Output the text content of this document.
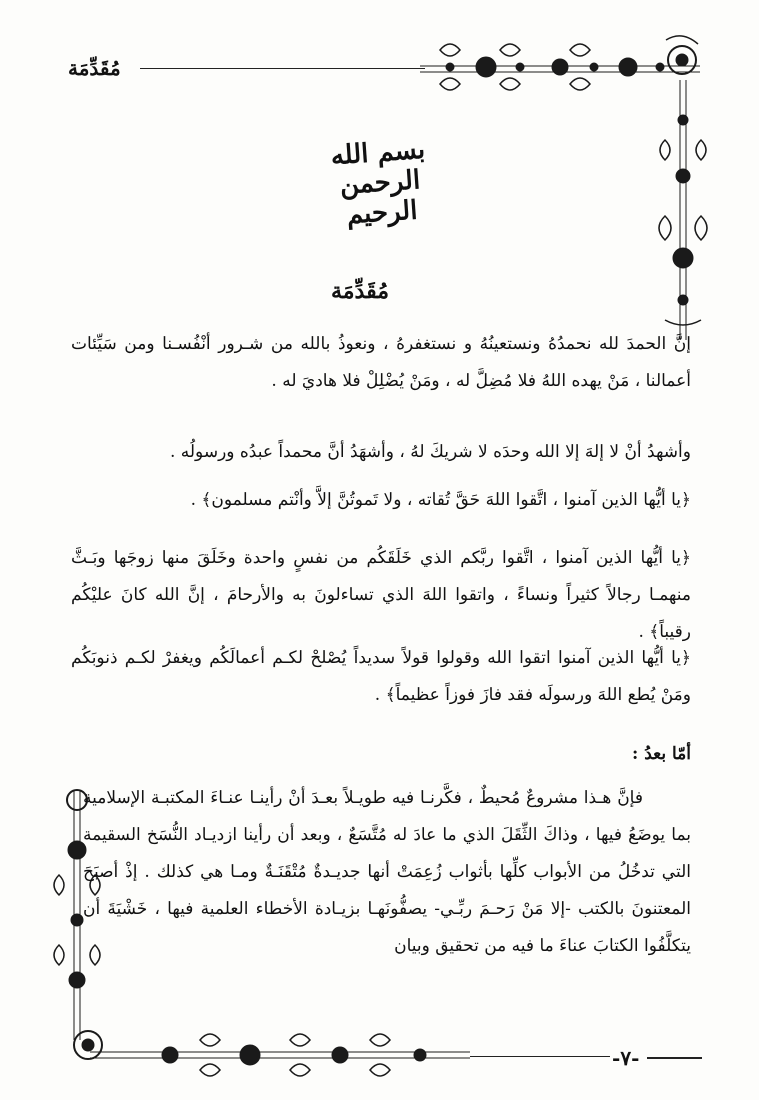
مُقَدِّمَة
بسم الله الرحمن الرحيم
مُقَدِّمَة
إنَّ الحمدَ لله نحمدُهُ ونستعينُهُ و نستغفرهُ ، ونعوذُ بالله من شـرور أنْفُسـنا ومن سَيِّئات أعمالنا ، مَنْ يهده اللهُ فلا مُضِلَّ له ، ومَنْ يُضْلِلْ فلا هاديَ له .
وأشهدُ أنْ لا إلهَ إلا الله وحدَه لا شريكَ لهُ ، وأشهَدُ أنَّ محمداً عبدُه ورسولُه .
﴿يا أيُّها الذين آمنوا ، اتَّقوا اللهَ حَقَّ تُقاته ، ولا تَموتُنَّ إلاَّ وأنْتم مسلمون﴾ .
﴿يا أيُّها الذين آمنوا ، اتَّقوا ربَّكم الذي خَلَقَكُم من نفسٍ واحدة وخَلَقَ منها زوجَها وبَـثَّ منهمـا رجالاً كثيراً ونساءً ، واتقوا اللهَ الذي تساءلونَ به والأرحامَ ، إنَّ الله كانَ عليْكُم رقيباً﴾ .
﴿يا أيُّها الذين آمنوا اتقوا الله وقولوا قولاً سديداً يُصْلحْ لكـم أعمالَكُم ويغفرْ لكـم ذنوبَكُم ومَنْ يُطع اللهَ ورسولَه فقد فازَ فوزاً عظيماً﴾ .
أمّا بعدُ :
فإنَّ هـذا مشروعٌ مُحيطٌ ، فكَّرنـا فيه طويـلاً بعـدَ أنْ رأينـا عنـاءَ المكتبـة الإسلامية بما يوضَعُ فيها ، وذاكَ الثِّقَلَ الذي ما عادَ له مُتَّسَعٌ ، وبعد أن رأينا ازديـاد النُّسَخ السقيمة التي تدخُلُ من الأبواب كلِّها بأثواب زُعِمَتْ أنها جديـدةٌ مُتْقَنَـةٌ ومـا هي كذلك . إذْ أصبَحَ المعتنونَ بالكتب -إلا مَنْ رَحـمَ ربِّـي- يصفُّونَهـا بزيـادة الأخطاء العلمية فيها ، خَشْيَةَ أن يتكلَّفُوا الكتابَ عناءَ ما فيه من تحقيق وبيان
-٧-
